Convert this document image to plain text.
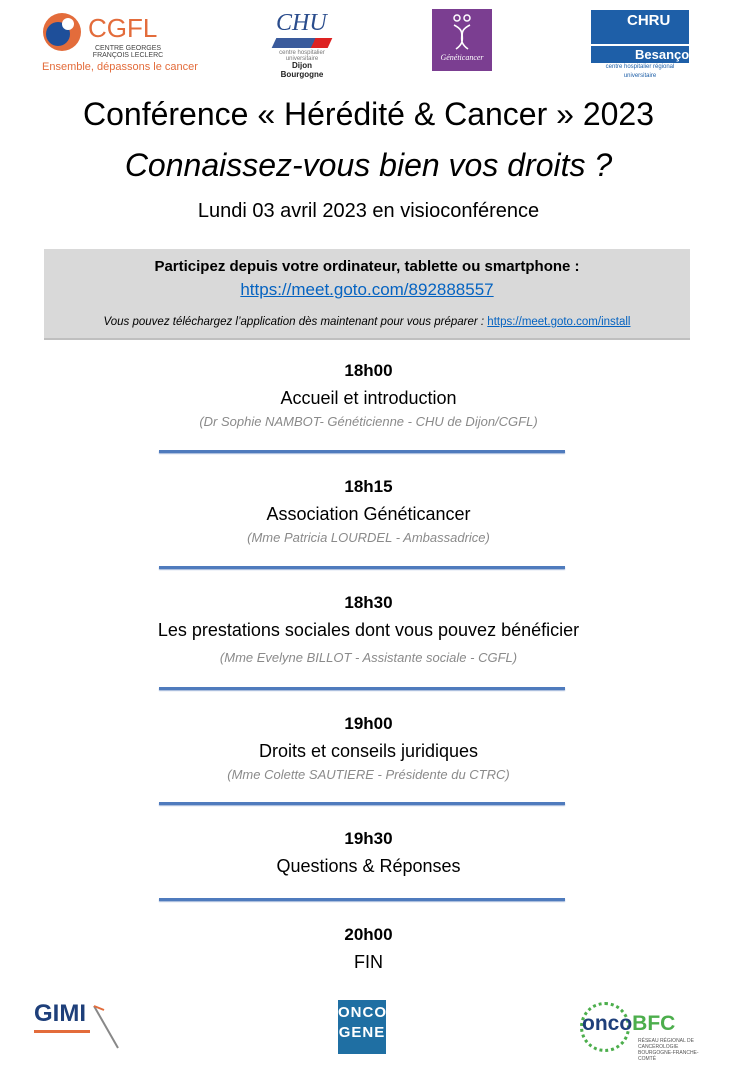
CGFL
CENTRE GEORGES FRANÇOIS LECLERC
Ensemble, dépassons le cancer
CHU
centre hospitalier universitaire
Dijon Bourgogne
Généticancer
CHRU
Besançon
centre hospitalier régional universitaire
Conférence « Hérédité & Cancer » 2023
Connaissez-vous bien vos droits ?
Lundi 03 avril 2023 en visioconférence
Participez depuis votre ordinateur, tablette ou smartphone :
https://meet.goto.com/892888557
Vous pouvez téléchargez l’application dès maintenant pour vous préparer : https://meet.goto.com/install
18h00
Accueil et introduction
(Dr Sophie NAMBOT- Généticienne - CHU de Dijon/CGFL)
18h15
Association Généticancer
(Mme Patricia LOURDEL - Ambassadrice)
18h30
Les prestations sociales dont vous pouvez bénéficier
(Mme Evelyne BILLOT - Assistante sociale - CGFL)
19h00
Droits et conseils juridiques
(Mme Colette SAUTIERE - Présidente du CTRC)
19h30
Questions & Réponses
20h00
FIN
GIMI	ONCO
GENE	oncoBFC
RÉSEAU RÉGIONAL DE CANCÉROLOGIE BOURGOGNE-FRANCHE-COMTÉ
